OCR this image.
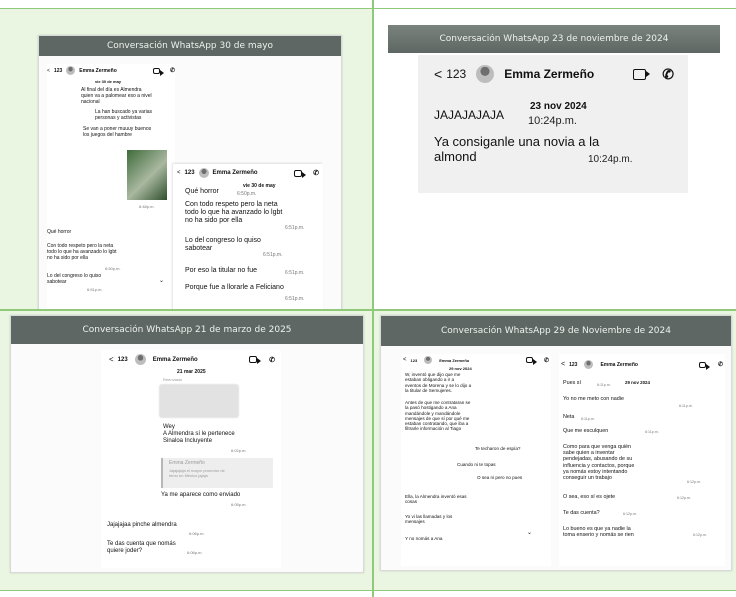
Conversación WhatsApp 30 de mayo
< 123	Emma Zermeño	✆
vie 30 de may
Al final del día es Almendra
quien va a palomear eso a nivel
nacional
La han buscado ya varias
personas y activistas
Se van a poner muuuy buenos
los juegos del hambre
6:48p.m.
Qué horror
Con todo respeto pero la neta
todo lo que ha avanzado lo lgbt
no ha sido por ella
6:50p.m.
Lo del congreso lo quiso
sabotear
6:51p.m.
⌄
< 123	Emma Zermeño	✆
vie 30 de may
Qué horror	6:50p.m.
Con todo respeto pero la neta
todo lo que ha avanzado lo lgbt
no ha sido por ella
6:51p.m.
Lo del congreso lo quiso
sabotear
6:51p.m.
Por eso la titular no fue	6:51p.m.
Porque fue a llorarle a Feliciano
6:51p.m.
Conversación WhatsApp 23 de noviembre de 2024
< 123	Emma Zermeño	✆
JAJAJAJAJA
23 nov 2024
10:24p.m.
Ya consiganle una novia a la
almond	10:24p.m.
Conversación WhatsApp 21 de marzo de 2025
< 123	Emma Zermeño	✆
21 mar 2025
Reenviado
Wey
A Almendra sí le pertenece
Sinaloa Incluyente
6:02p.m.
Emma Zermeño
Jajajajaja el mayor promotor de
temu en México jajaja
Ya me aparece como enviado
6:05p.m.
Jajajajaa pinche almendra
6:06p.m.
Te das cuenta que nomás
quiere joder?	6:06p.m.
Conversación WhatsApp 29 de Noviembre de 2024
< 123	Emma Zermeño	✆
29 nov 2024
W, inventó que dijo que me
estaban obligando a ir a
eventos de Morena y se lo dijo a
la titular de Semujeres.
Antes de que me contrataran se
la pasó hostigando a Ana
mandándole y mandándole
mensajes de que sí por qué me
estaban contratando, que iba a
filtrarle información al Tiago
Te techaron de espía?
Cuando ni te topas
O sea ni pero no pues
Ella, la Almendra inventó esas
cosas
Yo vi las llamadas y los
mensajes
Y no nomás a Ana
⌄
< 123	Emma Zermeño	✆
Pues sí	29 nov 2024
6:11p.m.
Yo no me meto con nadie
6:11p.m.
Neta 6:11p.m.
Que me esculquen	6:11p.m.
Como para que venga quién
sabe quien a inventar
pendejadas, abusando de su
influencia y contactos, porque
ya nomás estoy intentando
conseguir un trabajo
6:12p.m.
O sea, eso sí es ojete	6:12p.m.
Te das cuenta?	6:12p.m.
Lo bueno es que ya nadie la
toma enserio y nomás se rien	6:12p.m.
